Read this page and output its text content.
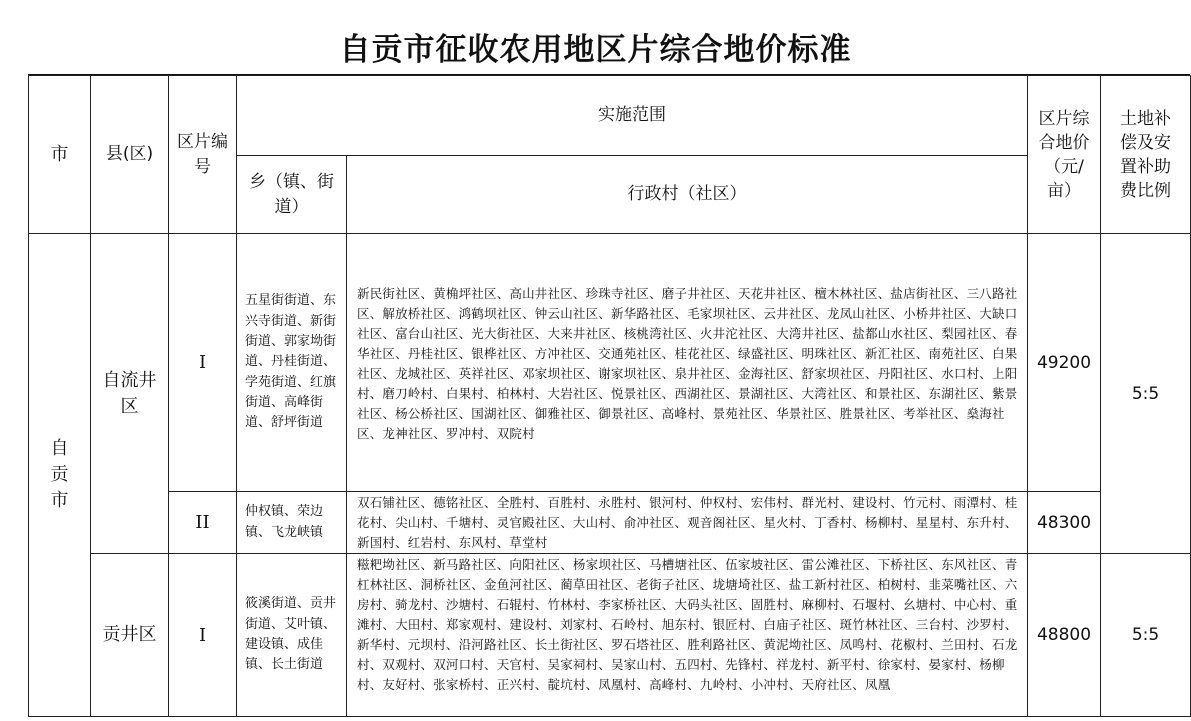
自贡市征收农用地区片综合地价标准
市	县(区)	区片编号	实施范围		区片综合地价（元/亩）	土地补偿及安置补助费比例
			乡（镇、街道）	行政村（社区）		
自贡市	自流井区	I	五星街街道、东兴寺街道、新街街道、郭家坳街道、丹桂街道、学苑街道、红旗街道、高峰街道、舒坪街道	新民街社区、黄桷坪社区、高山井社区、珍珠寺社区、磨子井社区、天花井社区、檀木林社区、盐店街社区、三八路社区、解放桥社区、鸿鹤坝社区、钟云山社区、新华路社区、毛家坝社区、云井社区、龙凤山社区、小桥井社区、大缺口社区、富台山社区、光大街社区、大来井社区、核桃湾社区、火井沱社区、大湾井社区、盐都山水社区、梨园社区、春华社区、丹桂社区、银桦社区、方冲社区、交通苑社区、桂花社区、绿盛社区、明珠社区、新汇社区、南苑社区、白果社区、龙城社区、英祥社区、邓家坝社区、谢家坝社区、泉井社区、金海社区、舒家坝社区、丹阳社区、水口村、上阳村、磨刀岭村、白果村、柏林村、大岩社区、悦景社区、西湖社区、景湖社区、大湾社区、和景社区、东湖社区、紫景社区、杨公桥社区、国湖社区、御雅社区、御景社区、高峰村、景苑社区、华景社区、胜景社区、考举社区、燊海社区、龙神社区、罗冲村、双院村	49200	5:5
		II	仲权镇、荣边镇、飞龙峡镇	双石铺社区、德铭社区、全胜村、百胜村、永胜村、银河村、仲权村、宏伟村、群光村、建设村、竹元村、雨潭村、桂花村、尖山村、千塘村、灵官殿社区、大山村、俞冲社区、观音阁社区、星火村、丁香村、杨柳村、星星村、东升村、新国村、红岩村、东风村、草堂村	48300	
	贡井区	I	筱溪街道、贡井街道、艾叶镇、建设镇、成佳镇、长土街道	糍粑坳社区、新马路社区、向阳社区、杨家坝社区、马槽塘社区、伍家坡社区、雷公滩社区、下桥社区、东风社区、青杠林社区、洞桥社区、金鱼河社区、蔺草田社区、老街子社区、垅塘埼社区、盐工新村社区、柏树村、韭菜嘴社区、六房村、骑龙村、沙塘村、石辊村、竹林村、李家桥社区、大码头社区、固胜村、麻柳村、石堰村、幺塘村、中心村、重滩村、大田村、郑家观村、建设村、刘家村、石岭村、旭东村、银匠村、白庙子社区、斑竹林社区、三台村、沙罗村、新华村、元坝村、沿河路社区、长土街社区、罗石塔社区、胜利路社区、黄泥坳社区、凤鸣村、花椒村、兰田村、石龙村、双观村、双河口村、天官村、吴家祠村、吴家山村、五四村、先锋村、祥龙村、新平村、徐家村、晏家村、杨柳村、友好村、张家桥村、正兴村、靛坑村、凤凰村、高峰村、九岭村、小冲村、天府社区、凤凰	48800	5:5
